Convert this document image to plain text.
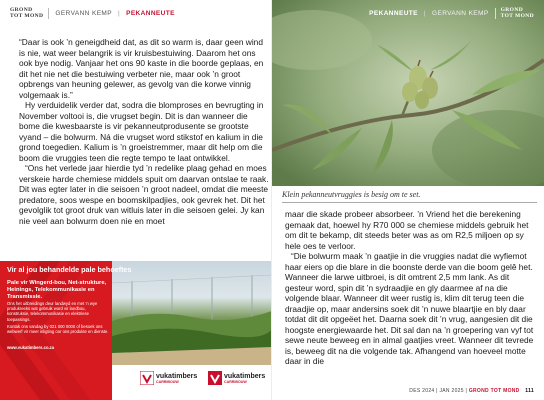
GROND
TOT MOND GERVANN KEMP | PEKANNEUTE

“Daar is ook ’n geneigdheid dat, as dit so warm is, daar geen wind is nie, wat weer belangrik is vir kruisbestuiwing. Daarom het ons ook bye nodig. Vanjaar het ons 90 kaste in die boorde geplaas, en dit het nie net die bestuiwing verbeter nie, maar ook ’n groot opbrengs van heuning gelewer, as gevolg van die korwe vinnig volgemaak is.”

Hy verduidelik verder dat, sodra die blomproses en bevrugting in November voltooi is, die vrugset begin. Dit is dan wanneer die bome die kwesbaarste is vir pekanneutprodusente se grootste vyand – die bolwurm. Ná die vrugset word stikstof en kalium in die grond toegedien. Kalium is ’n groeistremmer, maar dit help om die boom die vruggies teen die regte tempo te laat ontwikkel.

“Ons het verlede jaar hierdie tyd ’n redelike plaag gehad en moes verskeie harde chemiese middels spuit om daarvan ontslae te raak. Dit was egter later in die seisoen ’n groot nadeel, omdat die meeste predatore, soos wespe en boomskilpadjies, ook gevrek het. Dit het gevolglik tot groot druk van witluis later in die seisoen gelei. Jy kan nie veel aan bolwurm doen nie en moet

Pale vir Wingerd-bou, Net-strukture, Heinings, Telekommunikasie en Transmissie.
Ons het uitbreidings deur landwyd en met ’n wye produkreeks wat gebruik word vir landbou, konstruksie, telekommunikasie en elektriese toepassings.
Kontak ons vandag by 021 000 0000 of besoek ons webwerf vir meer inligting oor ons produkte en dienste.
www.vukatimbers.co.za
Vir al jou behandelde pale behoeftes
vukatimbers
CARRIBOUW
vukatimbers
CARRIBOUW
PEKANNEUTE | GERVANN KEMP GROND
TOT MOND
Klein pekanneutvruggies is besig om te set.

maar die skade probeer absorbeer. ’n Vriend het die berekening gemaak dat, hoewel hy R70 000 se chemiese middels gebruik het om dit te bekamp, dit steeds beter was as om R2,5 miljoen op sy hele oes te verloor.

“Die bolwurm maak ’n gaatjie in die vruggies nadat die wyfiemot haar eiers op die blare in die boonste derde van die boom gelê het. Wanneer die larwe uitbroei, is dit omtrent 2,5 mm lank. As dit gesteur word, spin dit ’n sydraadjie en gly daarmee af na die volgende blaar. Wanneer dit weer rustig is, klim dit terug teen die draadjie op, maar andersins soek dit ’n nuwe blaartjie en bly daar totdat dit dit opgeëet het. Daarna soek dit ’n vrug, aangesien dit die hoogste energiewaarde het. Dit sal dan na ’n groepering van vyf tot sewe neute beweeg en in almal gaatjies vreet. Wanneer dit tevrede is, beweeg dit na die volgende tak. Afhangend van hoeveel motte daar in die

DES 2024 | JAN 2025 | GROND TOT MOND 111
